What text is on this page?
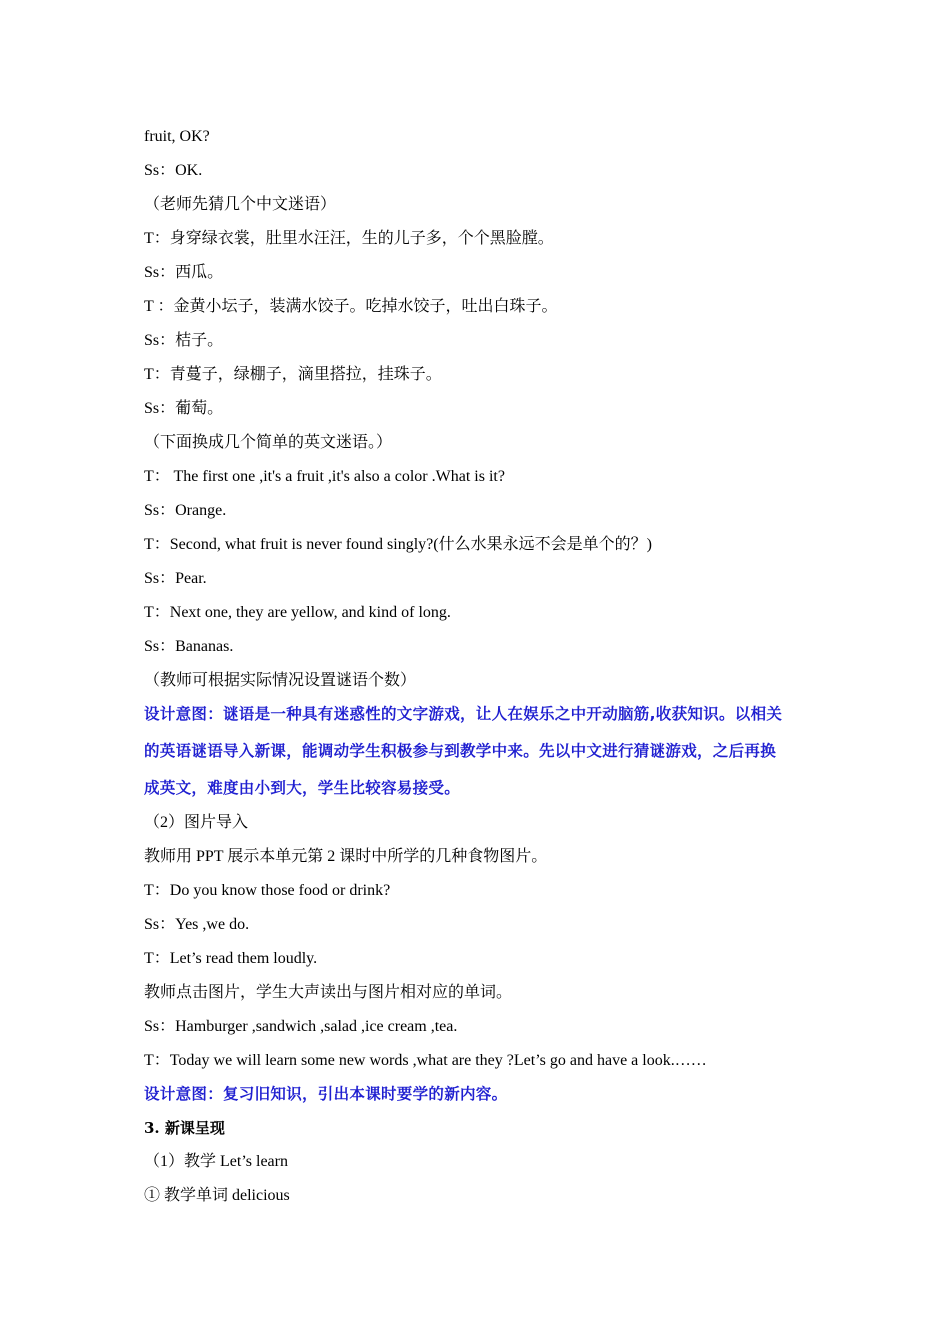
fruit, OK?
Ss：OK.
（老师先猜几个中文迷语）
T：身穿绿衣裳，肚里水汪汪，生的儿子多，个个黑脸膛。
Ss：西瓜。
T ：金黄小坛子，装满水饺子。吃掉水饺子，吐出白珠子。
Ss：桔子。
T：青蔓子，绿棚子，滴里搭拉，挂珠子。
Ss：葡萄。
（下面换成几个简单的英文迷语。）
T： The first one ,it's a fruit ,it's also a color .What is it?
Ss：Orange.
T：Second, what fruit is never found singly?(什么水果永远不会是单个的？)
Ss：Pear.
T：Next one, they are yellow, and kind of long.
Ss：Bananas.
（教师可根据实际情况设置谜语个数）
设计意图：谜语是一种具有迷惑性的文字游戏，让人在娱乐之中开动脑筋,收获知识。以相关
的英语谜语导入新课，能调动学生积极参与到教学中来。先以中文进行猜谜游戏，之后再换
成英文，难度由小到大，学生比较容易接受。
（2）图片导入
教师用 PPT 展示本单元第 2 课时中所学的几种食物图片。
T：Do you know those food or drink?
Ss：Yes ,we do.
T：Let’s read them loudly.
教师点击图片，学生大声读出与图片相对应的单词。
Ss：Hamburger ,sandwich ,salad ,ice cream ,tea.
T：Today we will learn some new words ,what are they ?Let’s go and have a look.……
设计意图：复习旧知识，引出本课时要学的新内容。
3. 新课呈现
（1）教学 Let’s learn
① 教学单词 delicious
